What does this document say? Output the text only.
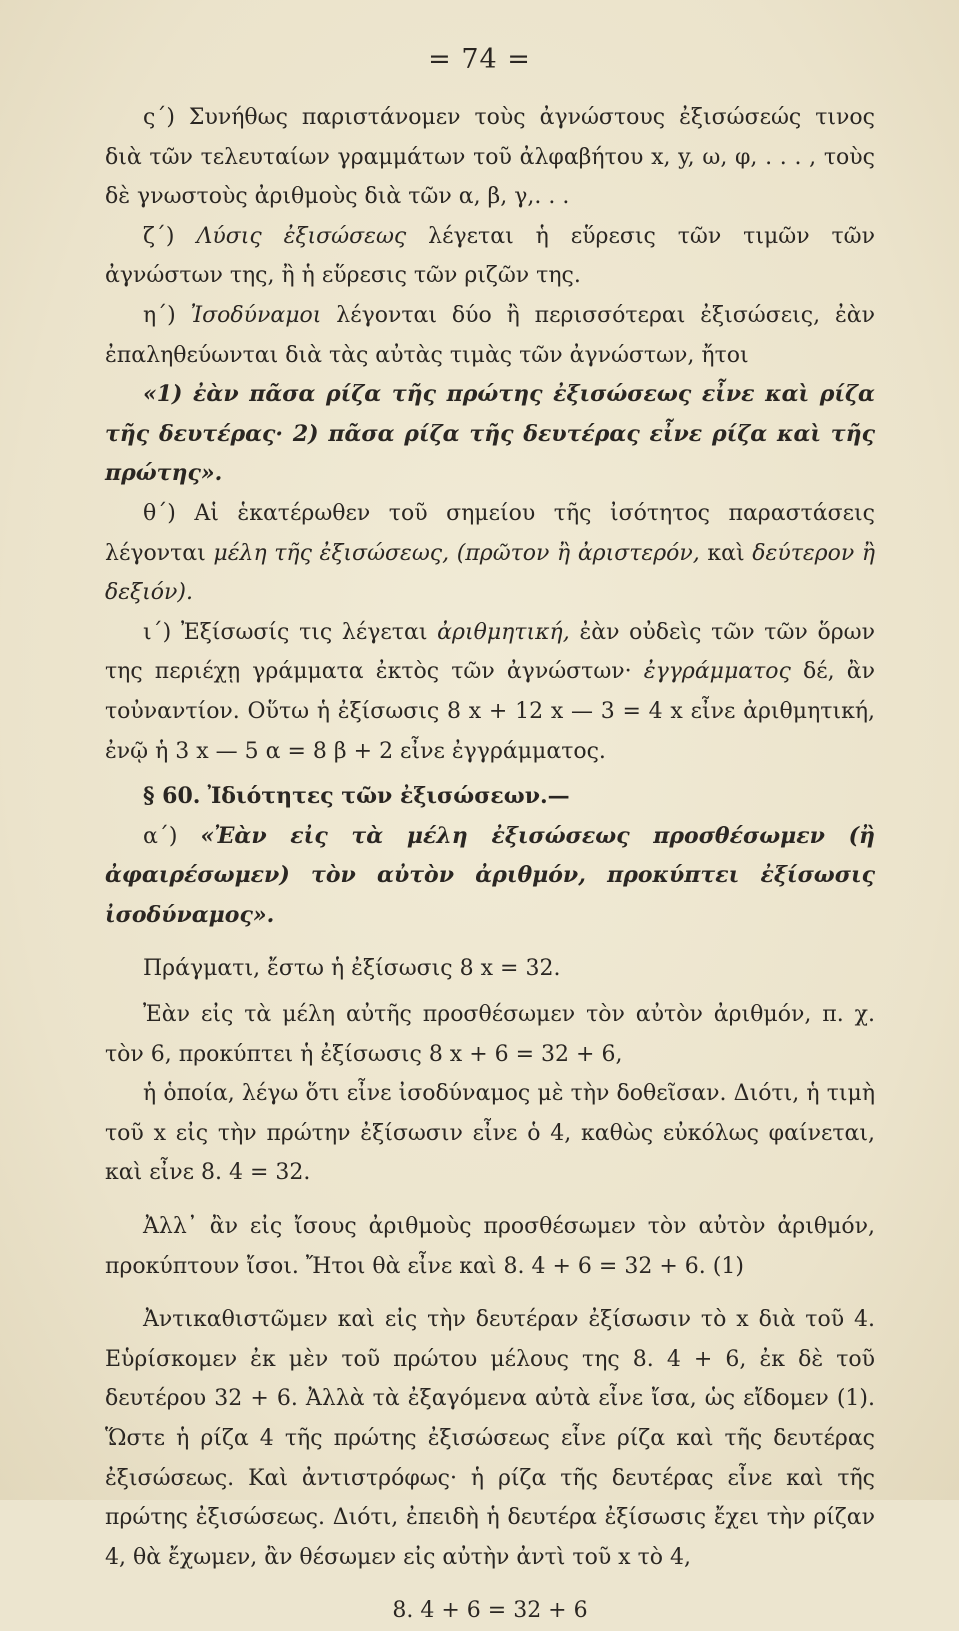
= 74 =

ς΄) Συνήθως παριστάνομεν τοὺς ἀγνώστους ἐξισώσεώς τινος διὰ τῶν τελευταίων γραμμάτων τοῦ ἀλφαβήτου x, y, ω, φ, . . . , τοὺς δὲ γνωστοὺς ἀριθμοὺς διὰ τῶν α, β, γ,. . .

ζ΄) Λύσις ἐξισώσεως λέγεται ἡ εὕρεσις τῶν τιμῶν τῶν ἀγνώστων της, ἢ ἡ εὕρεσις τῶν ριζῶν της.

η΄) Ἰσοδύναμοι λέγονται δύο ἢ περισσότεραι ἐξισώσεις, ἐὰν ἐπαληθεύωνται διὰ τὰς αὐτὰς τιμὰς τῶν ἀγνώστων, ἤτοι

«1) ἐὰν πᾶσα ρίζα τῆς πρώτης ἐξισώσεως εἶνε καὶ ρίζα τῆς δευτέρας· 2) πᾶσα ρίζα τῆς δευτέρας εἶνε ρίζα καὶ τῆς πρώτης».

θ΄) Αἱ ἑκατέρωθεν τοῦ σημείου τῆς ἰσότητος παραστάσεις λέγονται μέλη τῆς ἐξισώσεως, (πρῶτον ἢ ἀριστερόν, καὶ δεύτερον ἢ δεξιόν).

ι΄) Ἐξίσωσίς τις λέγεται ἀριθμητική, ἐὰν οὐδεὶς τῶν τῶν ὅρων της περιέχῃ γράμματα ἐκτὸς τῶν ἀγνώστων· ἐγγράμματος δέ, ἂν τοὐναντίον. Οὕτω ἡ ἐξίσωσις 8 x + 12 x — 3 = 4 x εἶνε ἀριθμητική, ἐνῷ ἡ 3 x — 5 α = 8 β + 2 εἶνε ἐγγράμματος.

§ 60. Ἰδιότητες τῶν ἐξισώσεων.—

α΄) «Ἐὰν εἰς τὰ μέλη ἐξισώσεως προσθέσωμεν (ἢ ἀφαιρέσωμεν) τὸν αὐτὸν ἀριθμόν, προκύπτει ἐξίσωσις ἰσοδύναμος».

Πράγματι, ἔστω ἡ ἐξίσωσις 8 x = 32.

Ἐὰν εἰς τὰ μέλη αὐτῆς προσθέσωμεν τὸν αὐτὸν ἀριθμόν, π. χ. τὸν 6, προκύπτει ἡ ἐξίσωσις 8 x + 6 = 32 + 6,

ἡ ὁποία, λέγω ὅτι εἶνε ἰσοδύναμος μὲ τὴν δοθεῖσαν. Διότι, ἡ τιμὴ τοῦ x εἰς τὴν πρώτην ἐξίσωσιν εἶνε ὁ 4, καθὼς εὐκόλως φαίνεται, καὶ εἶνε 8. 4 = 32.

Ἀλλ᾿ ἂν εἰς ἴσους ἀριθμοὺς προσθέσωμεν τὸν αὐτὸν ἀριθμόν, προκύπτουν ἴσοι. Ἤτοι θὰ εἶνε καὶ 8. 4 + 6 = 32 + 6. (1)

Ἀντικαθιστῶμεν καὶ εἰς τὴν δευτέραν ἐξίσωσιν τὸ x διὰ τοῦ 4. Εὑρίσκομεν ἐκ μὲν τοῦ πρώτου μέλους της 8. 4 + 6, ἐκ δὲ τοῦ δευτέρου 32 + 6. Ἀλλὰ τὰ ἐξαγόμενα αὐτὰ εἶνε ἴσα, ὡς εἴδομεν (1). Ὥστε ἡ ρίζα 4 τῆς πρώτης ἐξισώσεως εἶνε ρίζα καὶ τῆς δευτέρας ἐξισώσεως. Καὶ ἀντιστρόφως· ἡ ρίζα τῆς δευτέρας εἶνε καὶ τῆς πρώτης ἐξισώσεως. Διότι, ἐπειδὴ ἡ δευτέρα ἐξίσωσις ἔχει τὴν ρίζαν 4, θὰ ἔχωμεν, ἂν θέσωμεν εἰς αὐτὴν ἀντὶ τοῦ x τὸ 4,

8. 4 + 6 = 32 + 6
